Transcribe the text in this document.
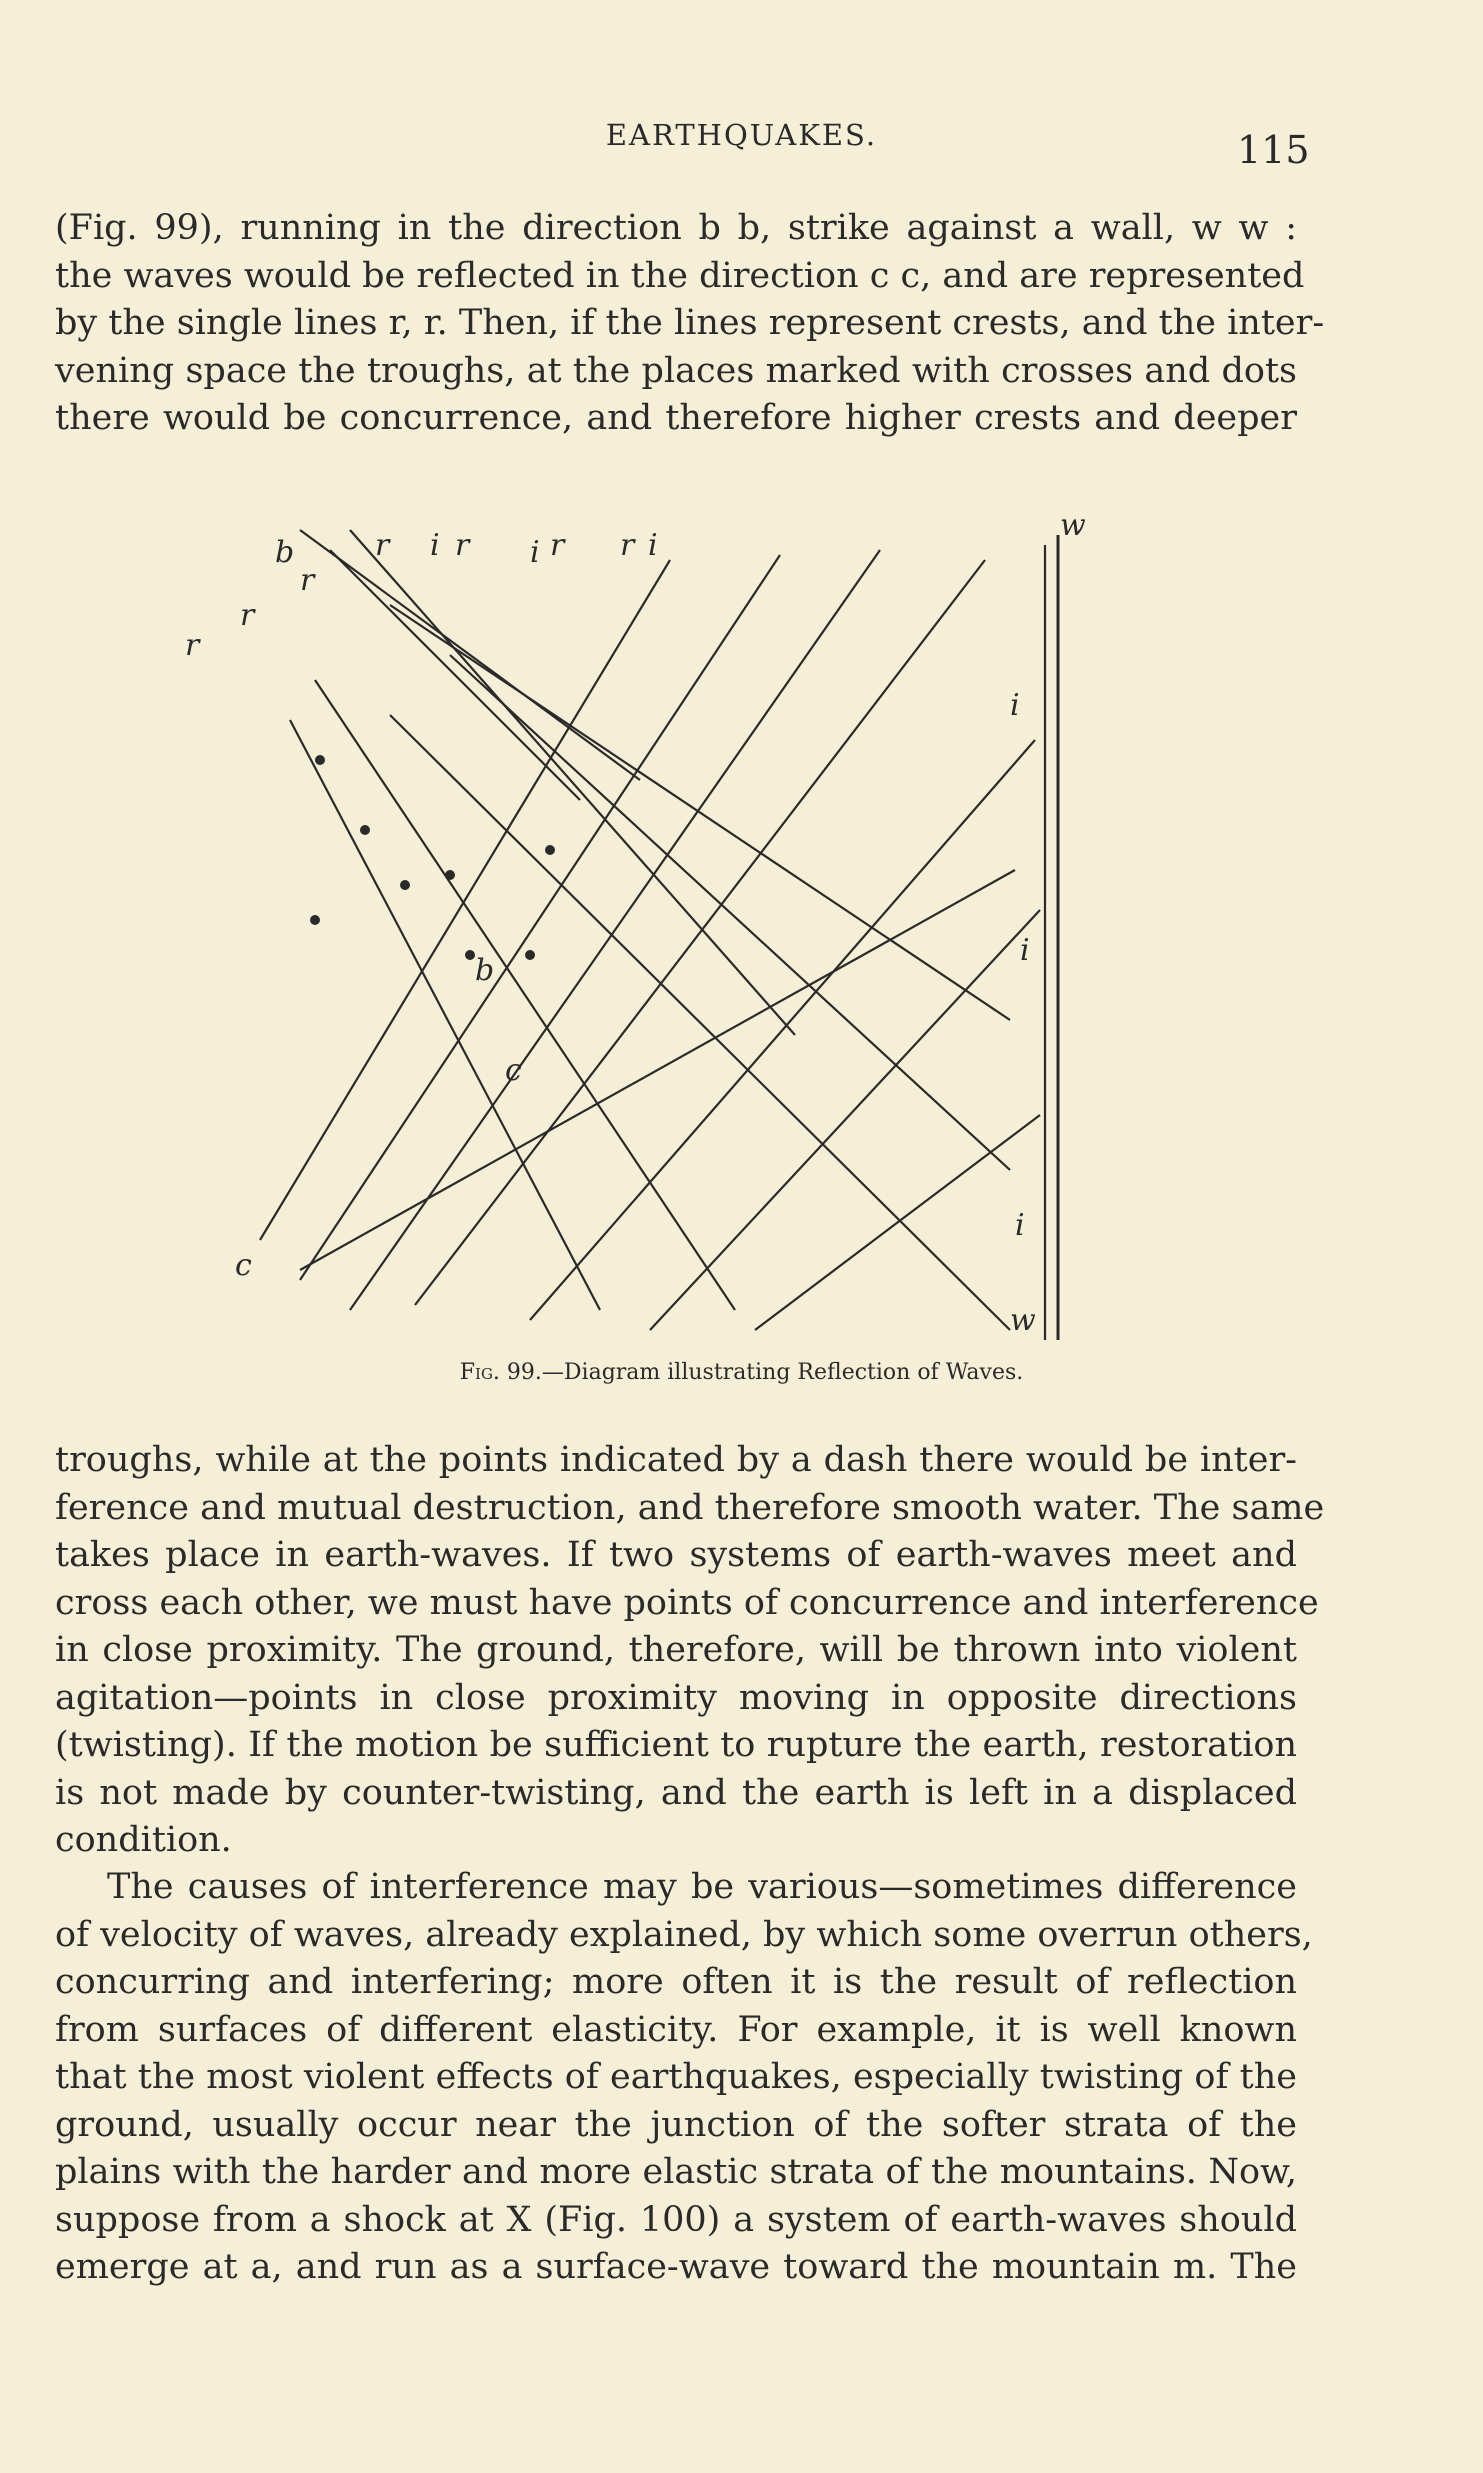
EARTHQUAKES.	115
(Fig. 99), running in the direction b b, strike against a wall, w w :
the waves would be reflected in the direction c c, and are represented
by the single lines r, r. Then, if the lines represent crests, and the inter-
vening space the troughs, at the places marked with crosses and dots
there would be concurrence, and therefore higher crests and deeper
b
b
r
r
r
r r	r r
i	i	i
i
i
i
c
c
w
w
Fig. 99.—Diagram illustrating Reflection of Waves.
troughs, while at the points indicated by a dash there would be inter-
ference and mutual destruction, and therefore smooth water. The same
takes place in earth-waves. If two systems of earth-waves meet and
cross each other, we must have points of concurrence and interference
in close proximity. The ground, therefore, will be thrown into violent
agitation—points in close proximity moving in opposite directions
(twisting). If the motion be sufficient to rupture the earth, restoration
is not made by counter-twisting, and the earth is left in a displaced
condition.
The causes of interference may be various—sometimes difference
of velocity of waves, already explained, by which some overrun others,
concurring and interfering; more often it is the result of reflection
from surfaces of different elasticity. For example, it is well known
that the most violent effects of earthquakes, especially twisting of the
ground, usually occur near the junction of the softer strata of the
plains with the harder and more elastic strata of the mountains. Now,
suppose from a shock at X (Fig. 100) a system of earth-waves should
emerge at a, and run as a surface-wave toward the mountain m. The
